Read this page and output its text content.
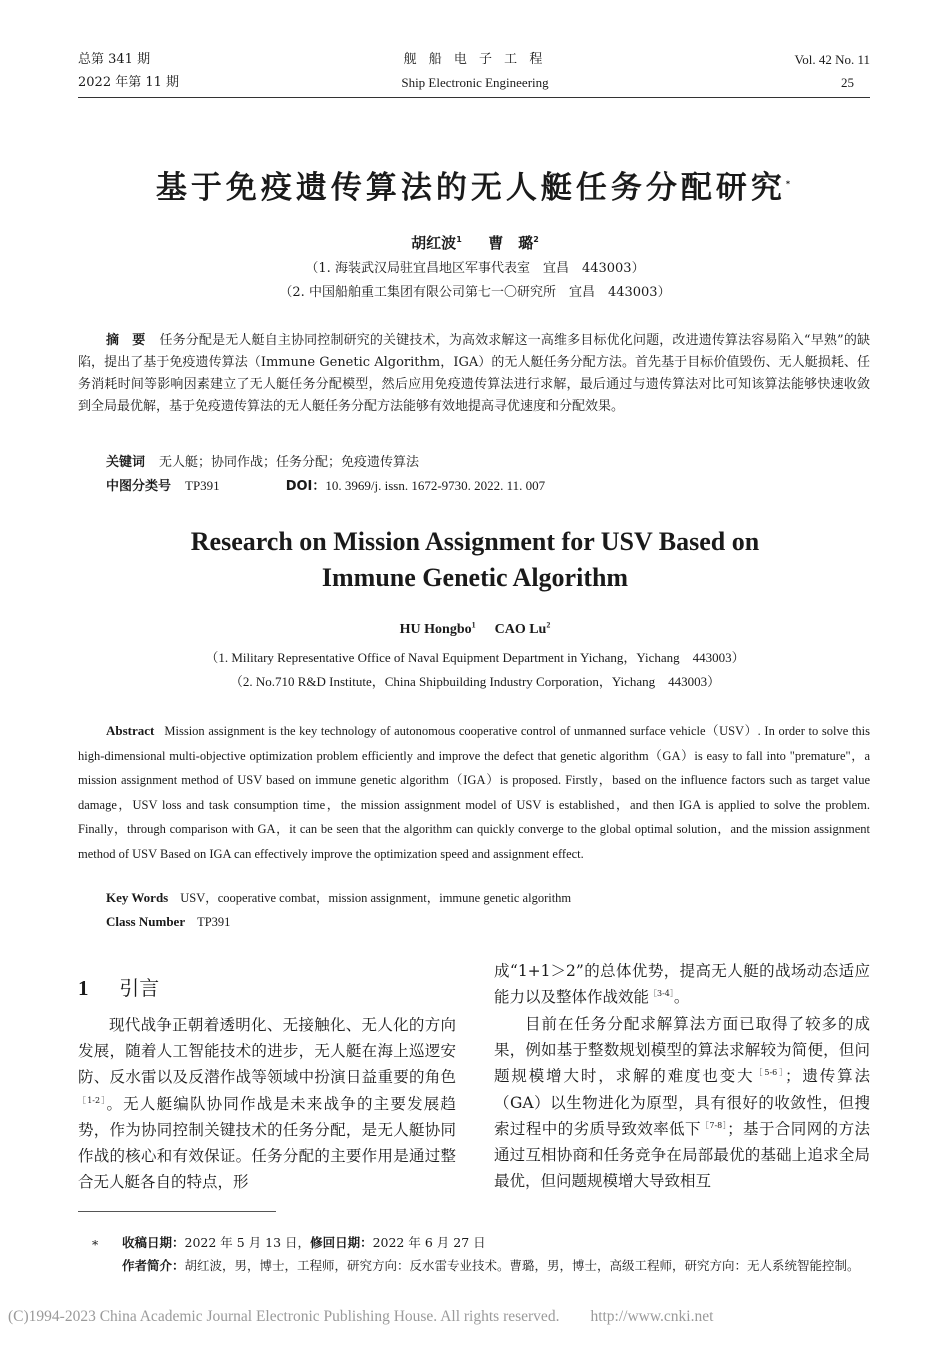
总第 341 期
2022 年第 11 期
舰 船 电 子 工 程
Ship Electronic Engineering
Vol. 42 No. 11
25
基于免疫遗传算法的无人艇任务分配研究*
胡红波$^1$ 曹　璐$^2$
（1. 海装武汉局驻宜昌地区军事代表室　宜昌　443003）
（2. 中国船舶重工集团有限公司第七一〇研究所　宜昌　443003）
摘　要 任务分配是无人艇自主协同控制研究的关键技术，为高效求解这一高维多目标优化问题，改进遗传算法容易陷入“早熟”的缺陷，提出了基于免疫遗传算法（Immune Genetic Algorithm，IGA）的无人艇任务分配方法。首先基于目标价值毁伤、无人艇损耗、任务消耗时间等影响因素建立了无人艇任务分配模型，然后应用免疫遗传算法进行求解，最后通过与遗传算法对比可知该算法能够快速收敛到全局最优解，基于免疫遗传算法的无人艇任务分配方法能够有效地提高寻优速度和分配效果。
关键词 无人艇；协同作战；任务分配；免疫遗传算法
中图分类号 TP391	DOI：10. 3969/j. issn. 1672-9730. 2022. 11. 007
Research on Mission Assignment for USV Based on
Immune Genetic Algorithm
HU Hongbo$^1$ CAO Lu$^2$
（1. Military Representative Office of Naval Equipment Department in Yichang，Yichang　443003）
（2. No.710 R&D Institute，China Shipbuilding Industry Corporation，Yichang　443003）
Abstract Mission assignment is the key technology of autonomous cooperative control of unmanned surface vehicle（USV）. In order to solve this high-dimensional multi-objective optimization problem efficiently and improve the defect that genetic algorithm（GA）is easy to fall into "premature"，a mission assignment method of USV based on immune genetic algorithm（IGA）is proposed. Firstly，based on the influence factors such as target value damage，USV loss and task consumption time，the mission assignment model of USV is established，and then IGA is applied to solve the problem. Finally，through comparison with GA，it can be seen that the algorithm can quickly converge to the global optimal solution，and the mission assignment method of USV Based on IGA can effectively improve the optimization speed and assignment effect.
Key Words USV，cooperative combat，mission assignment，immune genetic algorithm
Class Number TP391
1 引言
现代战争正朝着透明化、无接触化、无人化的方向发展，随着人工智能技术的进步，无人艇在海上巡逻安防、反水雷以及反潜作战等领域中扮演日益重要的角色$^{[1-2]}$。无人艇编队协同作战是未来战争的主要发展趋势，作为协同控制关键技术的任务分配，是无人艇协同作战的核心和有效保证。任务分配的主要作用是通过整合无人艇各自的特点，形
成“1+1＞2”的总体优势，提高无人艇的战场动态适应能力以及整体作战效能$^{[3-4]}$。
目前在任务分配求解算法方面已取得了较多的成果，例如基于整数规划模型的算法求解较为简便，但问题规模增大时，求解的难度也变大$^{[5-6]}$；遗传算法（GA）以生物进化为原型，具有很好的收敛性，但搜索过程中的劣质导致效率低下$^{[7-8]}$；基于合同网的方法通过互相协商和任务竞争在局部最优的基础上追求全局最优，但问题规模增大导致相互
* 收稿日期：2022 年 5 月 13 日，修回日期：2022 年 6 月 27 日
作者简介：胡红波，男，博士，工程师，研究方向：反水雷专业技术。曹璐，男，博士，高级工程师，研究方向：无人系统智能控制。
(C)1994-2023 China Academic Journal Electronic Publishing House. All rights reserved.　　http://www.cnki.net
